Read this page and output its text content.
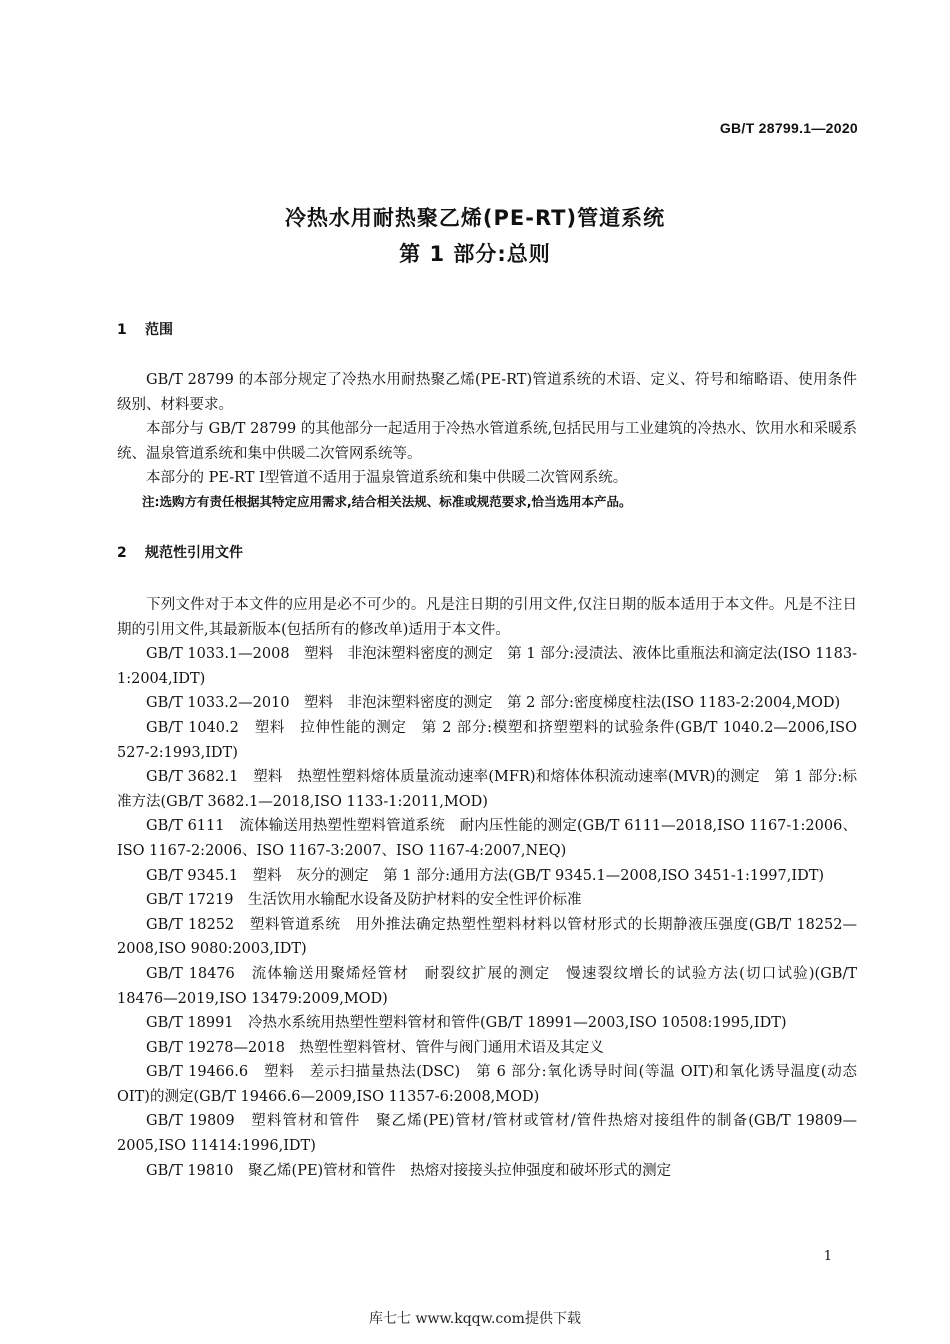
GB/T 28799.1—2020
冷热水用耐热聚乙烯(PE-RT)管道系统
第 1 部分:总则
1 范围
GB/T 28799 的本部分规定了冷热水用耐热聚乙烯(PE-RT)管道系统的术语、定义、符号和缩略语、使用条件级别、材料要求。
本部分与 GB/T 28799 的其他部分一起适用于冷热水管道系统,包括民用与工业建筑的冷热水、饮用水和采暖系统、温泉管道系统和集中供暖二次管网系统等。
本部分的 PE-RT Ⅰ型管道不适用于温泉管道系统和集中供暖二次管网系统。
注:选购方有责任根据其特定应用需求,结合相关法规、标准或规范要求,恰当选用本产品。
2 规范性引用文件
下列文件对于本文件的应用是必不可少的。凡是注日期的引用文件,仅注日期的版本适用于本文件。凡是不注日期的引用文件,其最新版本(包括所有的修改单)适用于本文件。
GB/T 1033.1—2008　塑料　非泡沫塑料密度的测定　第 1 部分:浸渍法、液体比重瓶法和滴定法(ISO 1183-1:2004,IDT)
GB/T 1033.2—2010　塑料　非泡沫塑料密度的测定　第 2 部分:密度梯度柱法(ISO 1183-2:2004,MOD)
GB/T 1040.2　塑料　拉伸性能的测定　第 2 部分:模塑和挤塑塑料的试验条件(GB/T 1040.2—2006,ISO 527-2:1993,IDT)
GB/T 3682.1　塑料　热塑性塑料熔体质量流动速率(MFR)和熔体体积流动速率(MVR)的测定　第 1 部分:标准方法(GB/T 3682.1—2018,ISO 1133-1:2011,MOD)
GB/T 6111　流体输送用热塑性塑料管道系统　耐内压性能的测定(GB/T 6111—2018,ISO 1167-1:2006、ISO 1167-2:2006、ISO 1167-3:2007、ISO 1167-4:2007,NEQ)
GB/T 9345.1　塑料　灰分的测定　第 1 部分:通用方法(GB/T 9345.1—2008,ISO 3451-1:1997,IDT)
GB/T 17219　生活饮用水输配水设备及防护材料的安全性评价标准
GB/T 18252　塑料管道系统　用外推法确定热塑性塑料材料以管材形式的长期静液压强度(GB/T 18252—2008,ISO 9080:2003,IDT)
GB/T 18476　流体输送用聚烯烃管材　耐裂纹扩展的测定　慢速裂纹增长的试验方法(切口试验)(GB/T 18476—2019,ISO 13479:2009,MOD)
GB/T 18991　冷热水系统用热塑性塑料管材和管件(GB/T 18991—2003,ISO 10508:1995,IDT)
GB/T 19278—2018　热塑性塑料管材、管件与阀门通用术语及其定义
GB/T 19466.6　塑料　差示扫描量热法(DSC)　第 6 部分:氧化诱导时间(等温 OIT)和氧化诱导温度(动态 OIT)的测定(GB/T 19466.6—2009,ISO 11357-6:2008,MOD)
GB/T 19809　塑料管材和管件　聚乙烯(PE)管材/管材或管材/管件热熔对接组件的制备(GB/T 19809—2005,ISO 11414:1996,IDT)
GB/T 19810　聚乙烯(PE)管材和管件　热熔对接接头拉伸强度和破坏形式的测定
1
库七七 www.kqqw.com提供下载
